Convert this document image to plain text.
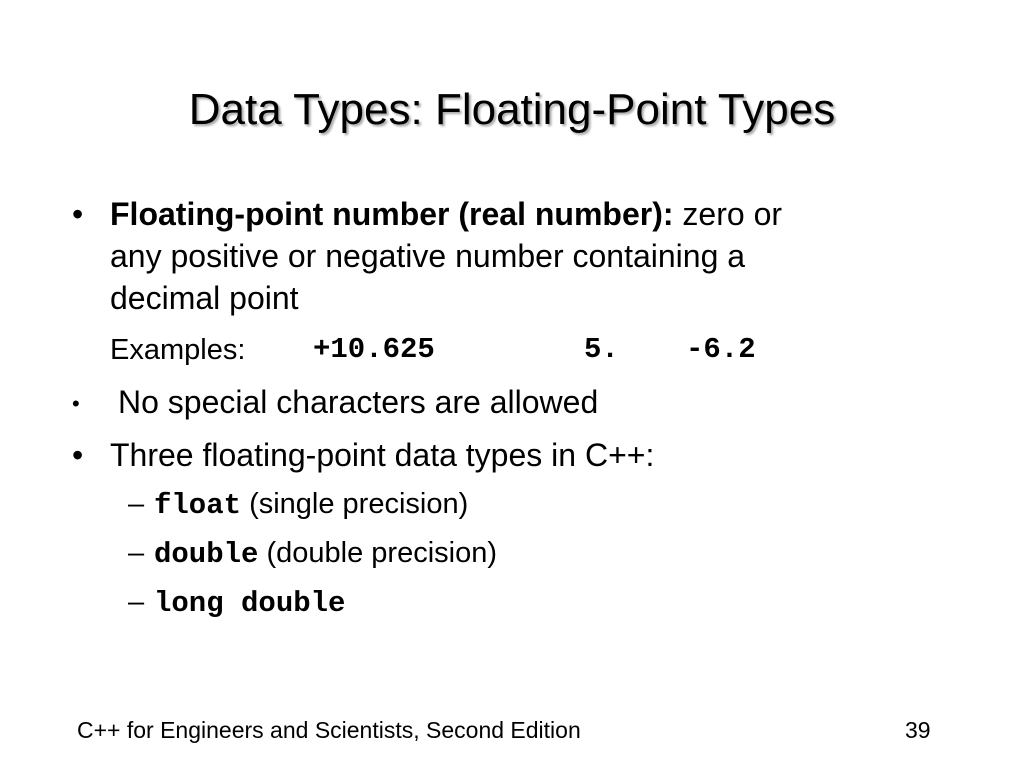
Data Types: Floating-Point Types
• Floating-point number (real number): zero or
any positive or negative number containing a
decimal point
Examples: +10.625	5. -6.2
• No special characters are allowed
• Three floating-point data types in C++:
– float (single precision)
– double (double precision)
– long double
C++ for Engineers and Scientists, Second Edition	39
